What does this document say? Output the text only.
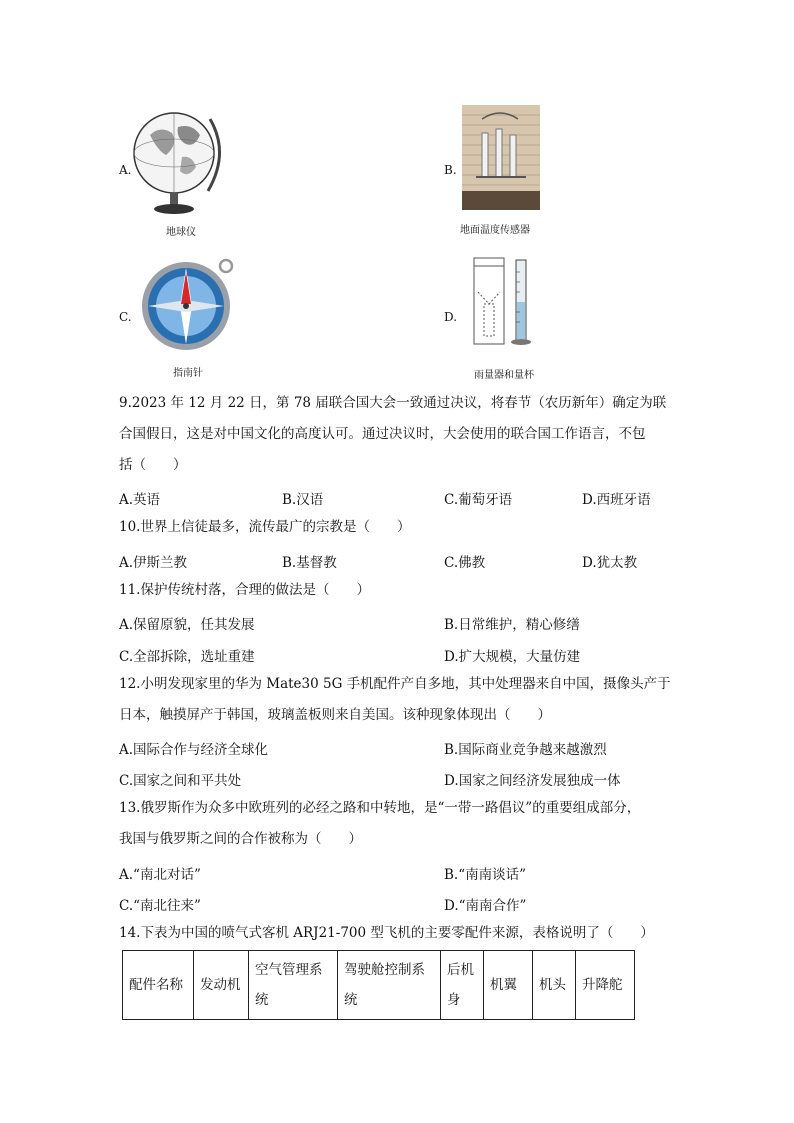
A.
地球仪
B.
地面温度传感器
C.
指南针
D.
雨量器和量杯
9.2023 年 12 月 22 日，第 78 届联合国大会一致通过决议，将春节（农历新年）确定为联
合国假日，这是对中国文化的高度认可。通过决议时，大会使用的联合国工作语言，不包
括（　　）
A.英语	B.汉语	C.葡萄牙语	D.西班牙语
10.世界上信徒最多，流传最广的宗教是（　　）
A.伊斯兰教	B.基督教	C.佛教	D.犹太教
11.保护传统村落，合理的做法是（　　）
A.保留原貌，任其发展	B.日常维护，精心修缮
C.全部拆除，选址重建	D.扩大规模，大量仿建
12.小明发现家里的华为 Mate30 5G 手机配件产自多地，其中处理器来自中国，摄像头产于
日本，触摸屏产于韩国，玻璃盖板则来自美国。该种现象体现出（　　）
A.国际合作与经济全球化	B.国际商业竞争越来越激烈
C.国家之间和平共处	D.国家之间经济发展独成一体
13.俄罗斯作为众多中欧班列的必经之路和中转地，是“一带一路倡议”的重要组成部分，
我国与俄罗斯之间的合作被称为（　　）
A.“南北对话”	B.“南南谈话”
C.“南北往来”	D.“南南合作”
14.下表为中国的喷气式客机 ARJ21-700 型飞机的主要零配件来源，表格说明了（　　）
配件名称	发动机	空气管理系统	驾驶舱控制系统	后机身	机翼	机头	升降舵
